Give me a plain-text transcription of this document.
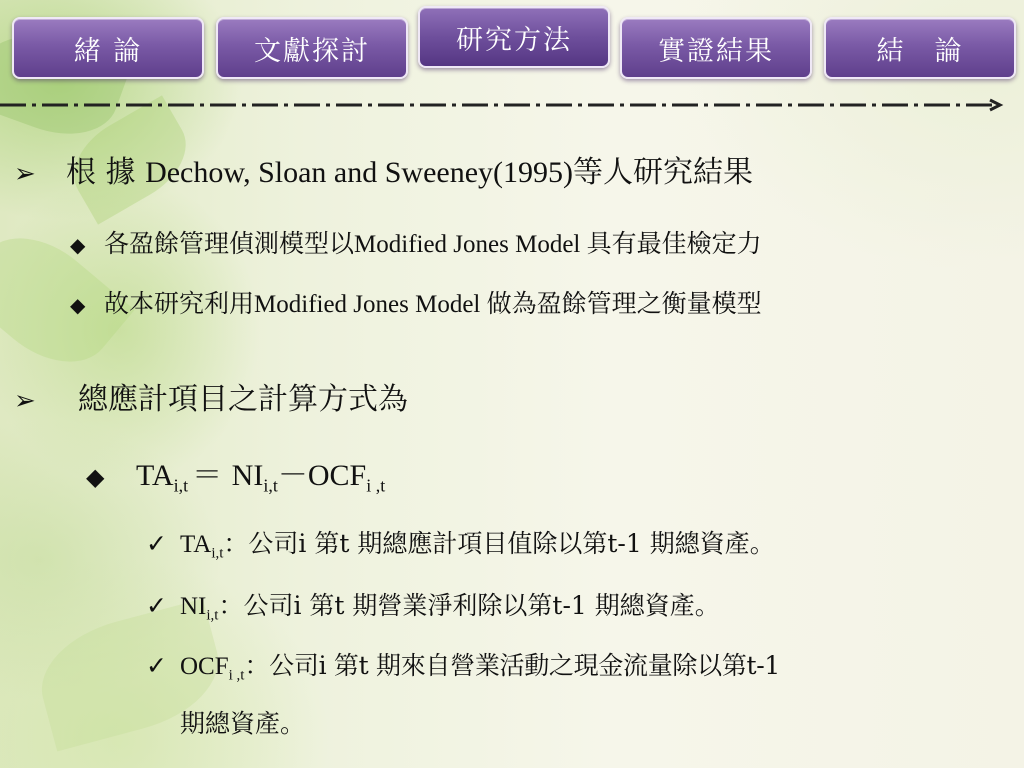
緒 論	文獻探討	研究方法	實證結果	結　論
➢ 根 據 Dechow, Sloan and Sweeney(1995)等人研究結果
◆ 各盈餘管理偵測模型以Modified Jones Model 具有最佳檢定力
◆ 故本研究利用Modified Jones Model 做為盈餘管理之衡量模型
➢ 總應計項目之計算方式為
◆ $TA_{i,t} = NI_{i,t}-OCF_{i ,t}$
✓ $TA_{i,t}$：公司i 第t 期總應計項目值除以第t-1 期總資產。
✓ $NI_{i,t}$：公司i 第t 期營業淨利除以第t-1 期總資產。
✓ $OCF_{i ,t}$：公司i 第t 期來自營業活動之現金流量除以第t-1
期總資產。
